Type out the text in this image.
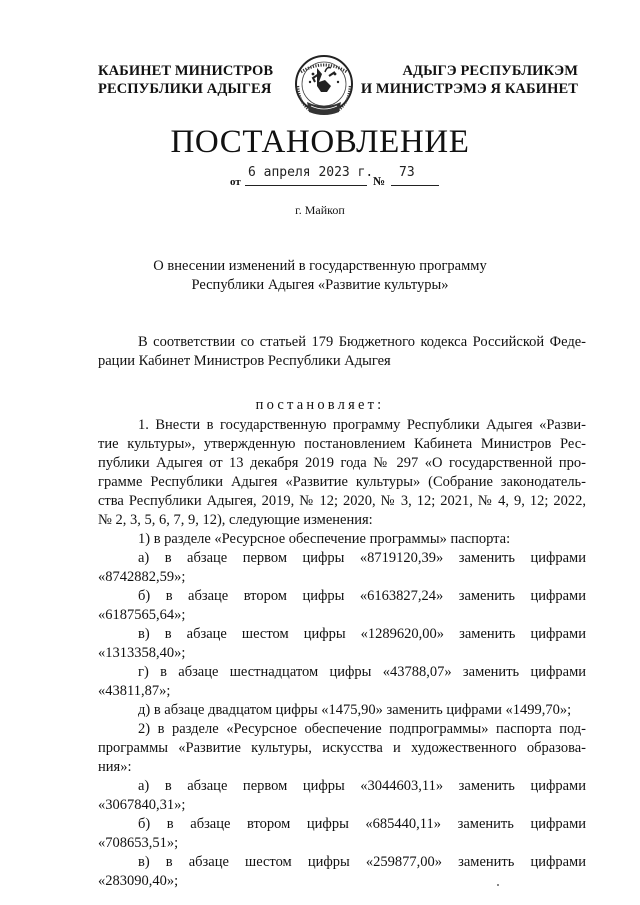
КАБИНЕТ МИНИСТРОВ
РЕСПУБЛИКИ АДЫГЕЯ
АДЫГЭ РЕСПУБЛИКЭМ
И МИНИСТРЭМЭ Я КАБИНЕТ
ПОСТАНОВЛЕНИЕ
от
6 апреля 2023 г.
№
73
г. Майкоп
О внесении изменений в государственную программу
Республики Адыгея «Развитие культуры»
В соответствии со статьей 179 Бюджетного кодекса Российской Феде-
рации Кабинет Министров Республики Адыгея
постановляет:
1. Внести в государственную программу Республики Адыгея «Разви-
тие культуры», утвержденную постановлением Кабинета Министров Рес-
публики Адыгея от 13 декабря 2019 года № 297 «О государственной про-
грамме Республики Адыгея «Развитие культуры» (Собрание законодатель-
ства Республики Адыгея, 2019, № 12; 2020, № 3, 12; 2021, № 4, 9, 12; 2022,
№ 2, 3, 5, 6, 7, 9, 12), следующие изменения:
1) в разделе «Ресурсное обеспечение программы» паспорта:
а) в абзаце первом цифры «8719120,39» заменить цифрами
«8742882,59»;
б) в абзаце втором цифры «6163827,24» заменить цифрами
«6187565,64»;
в) в абзаце шестом цифры «1289620,00» заменить цифрами
«1313358,40»;
г) в абзаце шестнадцатом цифры «43788,07» заменить цифрами
«43811,87»;
д) в абзаце двадцатом цифры «1475,90» заменить цифрами «1499,70»;
2) в разделе «Ресурсное обеспечение подпрограммы» паспорта под-
программы «Развитие культуры, искусства и художественного образова-
ния»:
а) в абзаце первом цифры «3044603,11» заменить цифрами
«3067840,31»;
б) в абзаце втором цифры «685440,11» заменить цифрами
«708653,51»;
в) в абзаце шестом цифры «259877,00» заменить цифрами
«283090,40»;
